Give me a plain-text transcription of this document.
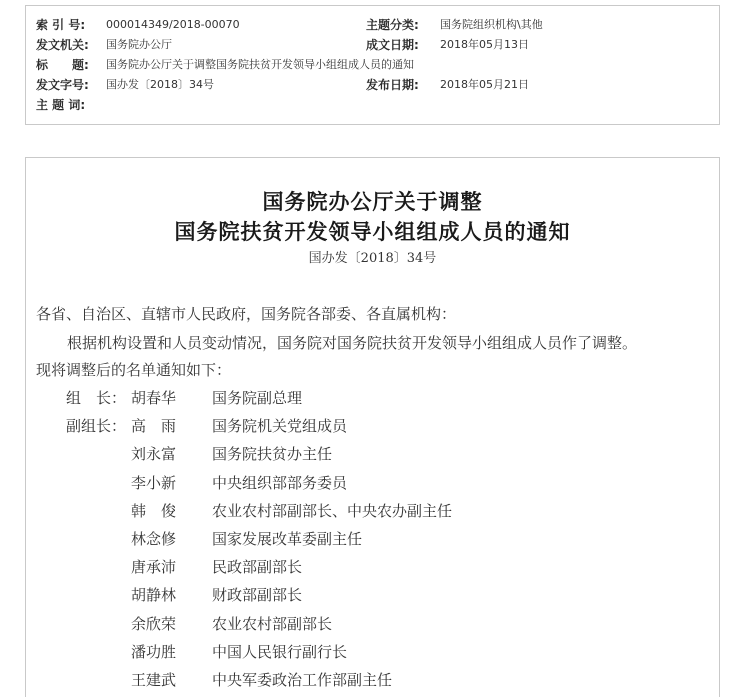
索 引 号: 000014349/2018-00070	主题分类: 国务院组织机构\其他
发文机关: 国务院办公厅	成文日期: 2018年05月13日
标　　题: 国务院办公厅关于调整国务院扶贫开发领导小组组成人员的通知
发文字号: 国办发〔2018〕34号	发布日期: 2018年05月21日
主 题 词:
国务院办公厅关于调整
国务院扶贫开发领导小组组成人员的通知
国办发〔2018〕34号
各省、自治区、直辖市人民政府，国务院各部委、各直属机构：
根据机构设置和人员变动情况，国务院对国务院扶贫开发领导小组组成人员作了调整。
现将调整后的名单通知如下：
组　长： 胡春华 国务院副总理
副组长： 高　雨 国务院机关党组成员
刘永富 国务院扶贫办主任
李小新 中央组织部部务委员
韩　俊 农业农村部副部长、中央农办副主任
林念修 国家发展改革委副主任
唐承沛 民政部副部长
胡静林 财政部副部长
余欣荣 农业农村部副部长
潘功胜 中国人民银行副行长
王建武 中央军委政治工作部副主任
